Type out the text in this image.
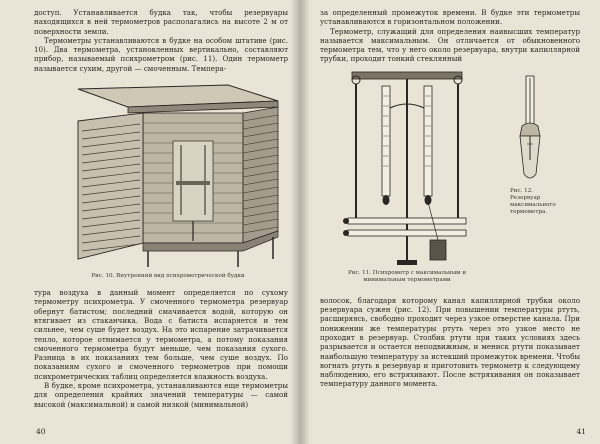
доступ. Устанавливается будка так, чтобы резервуары находящихся в ней термометров располагались на высоте 2 м от поверхности земли.

Термометры устанавливаются в будке на особом штативе (рис. 10). Два термометра, установленных вертикально, составляют прибор, называемый психрометром (рис. 11). Один термометр называется сухим, другой — смоченным. Темпера-

Рис. 10. Внутренний вид психрометрической будки

тура воздуха в данный момент определяется по сухому термометру психрометра. У смоченного термометра резервуар обернут батистом; последний смачивается водой, которую он втягивает из стаканчика. Вода с батиста испаряется и тем сильнее, чем суше будет воздух. На это испарение затрачивается тепло, которое отнимается у термометра, а потому показания смоченного термометра будут меньше, чем показания сухого. Разница в их показаниях тем больше, чем суше воздух. По показаниям сухого и смоченного термометров при помощи психрометрических таблиц определяется влажность воздуха.

В будке, кроме психрометра, устанавливаются еще термометры для определения крайних значений температуры — самой высокой (максимальной) и самой низкой (минимальной)

40

за определенный промежуток времени. В будке эти термометры устанавливаются в горизонтальном положении.

Термометр, служащий для определения наивысших температур называется максимальным. Он отличается от обыкновенного термометра тем, что у него около резервуара, внутри капиллярной трубки, проходит тонкий стеклянный

Рис. 11. Психрометр с максимальным и минимальным термометрами
Рис. 12. Резервуар максимального термометра.

волосок, благодаря которому канал капиллярной трубки около резервуара сужен (рис. 12). При повышении температуры ртуть, расширяясь, свободно проходит через узкое отверстие канала. При понижении же температуры ртуть через это узкое место не проходит в резервуар. Столбик ртути при таких условиях здесь разрывается и остается неподвижным, и мениск ртути показывает наибольшую температуру за истекший промежуток времени. Чтобы вогнать ртуть в резервуар и приготовить термометр к следующему наблюдению, его встряхивают. После встряхивания он показывает температуру данного момента.

41
